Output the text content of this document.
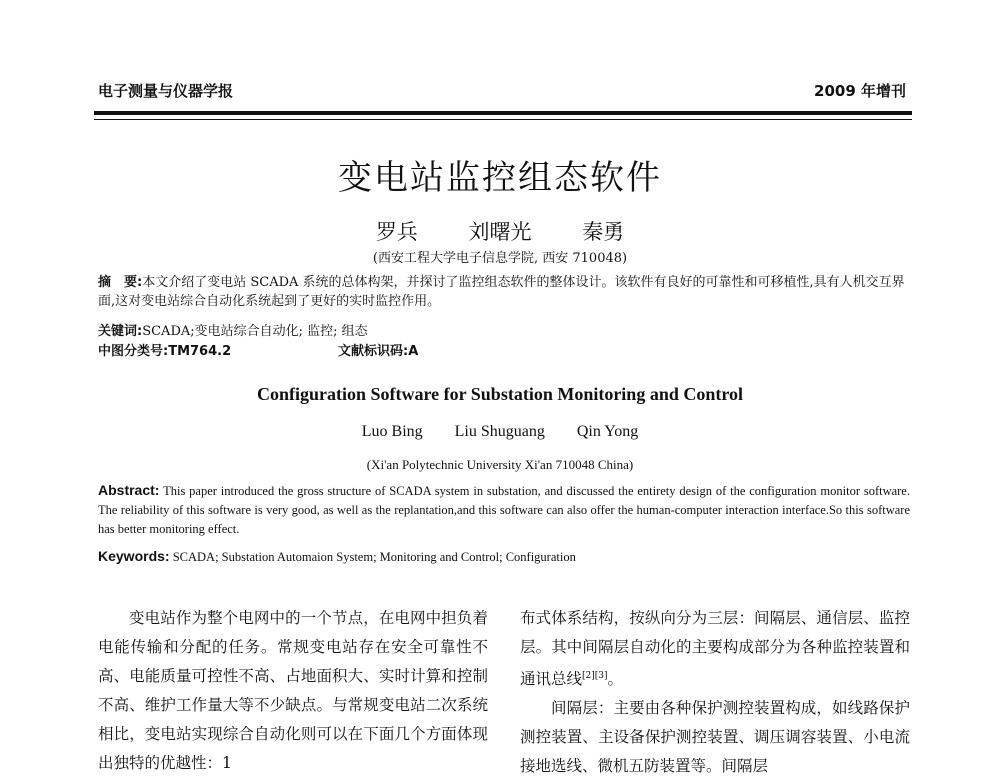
电子测量与仪器学报	2009 年增刊
变电站监控组态软件
罗兵 刘曙光 秦勇
(西安工程大学电子信息学院, 西安 710048)
摘　要:本文介绍了变电站 SCADA 系统的总体构架，并探讨了监控组态软件的整体设计。该软件有良好的可靠性和可移植性,具有人机交互界面,这对变电站综合自动化系统起到了更好的实时监控作用。
关键词:SCADA;变电站综合自动化; 监控; 组态
中图分类号:TM764.2	文献标识码:A
Configuration Software for Substation Monitoring and Control
Luo Bing Liu Shuguang Qin Yong
(Xi'an Polytechnic University Xi'an 710048 China)
Abstract: This paper introduced the gross structure of SCADA system in substation, and discussed the entirety design of the configuration monitor software. The reliability of this software is very good, as well as the replantation,and this software can also offer the human-computer interaction interface.So this software has better monitoring effect.
Keywords: SCADA; Substation Automaion System; Monitoring and Control; Configuration

变电站作为整个电网中的一个节点，在电网中担负着电能传输和分配的任务。常规变电站存在安全可靠性不高、电能质量可控性不高、占地面积大、实时计算和控制不高、维护工作量大等不少缺点。与常规变电站二次系统相比，变电站实现综合自动化则可以在下面几个方面体现出独特的优越性：1

布式体系结构，按纵向分为三层：间隔层、通信层、监控层。其中间隔层自动化的主要构成部分为各种监控装置和通讯总线[2][3]。

间隔层：主要由各种保护测控装置构成，如线路保护测控装置、主设备保护测控装置、调压调容装置、小电流接地选线、微机五防装置等。间隔层
